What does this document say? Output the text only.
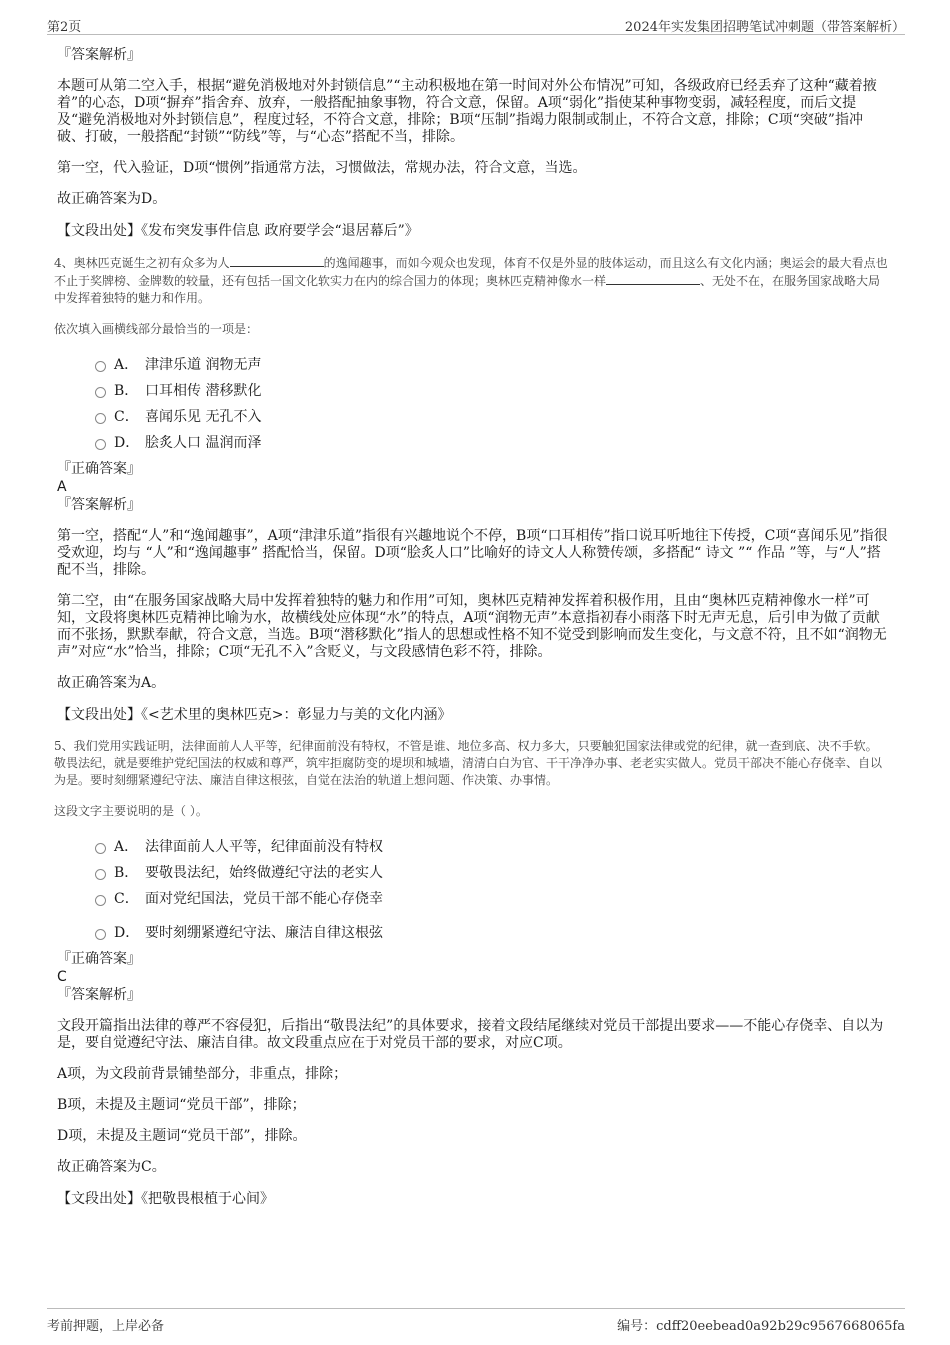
第2页	2024年实发集团招聘笔试冲刺题（带答案解析）

『答案解析』

本题可从第二空入手，根据“避免消极地对外封锁信息”“主动积极地在第一时间对外公布情况”可知，各级政府已经丢弃了这种“藏着掖着”的心态，D项“摒弃”指舍弃、放弃，一般搭配抽象事物，符合文意，保留。A项“弱化”指使某种事物变弱，减轻程度，而后文提及“避免消极地对外封锁信息”，程度过轻，不符合文意，排除；B项“压制”指竭力限制或制止，不符合文意，排除；C项“突破”指冲破、打破，一般搭配“封锁”“防线”等，与“心态”搭配不当，排除。

第一空，代入验证，D项“惯例”指通常方法，习惯做法，常规办法，符合文意，当选。

故正确答案为D。

【文段出处】《发布突发事件信息 政府要学会“退居幕后”》

4、奥林匹克诞生之初有众多为人	的逸闻趣事，而如今观众也发现，体育不仅是外显的肢体运动，而且这么有文化内涵；奥运会的最大看点也不止于奖牌榜、金牌数的较量，还有包括一国文化软实力在内的综合国力的体现；奥林匹克精神像水一样	、无处不在，在服务国家战略大局中发挥着独特的魅力和作用。

依次填入画横线部分最恰当的一项是：

A． 津津乐道 润物无声
B． 口耳相传 潜移默化
C． 喜闻乐见 无孔不入
D． 脍炙人口 温润而泽

『正确答案』

A

『答案解析』

第一空，搭配“人”和“逸闻趣事”，A项“津津乐道”指很有兴趣地说个不停，B项“口耳相传”指口说耳听地往下传授，C项“喜闻乐见”指很受欢迎，均与 “人”和“逸闻趣事” 搭配恰当，保留。D项“脍炙人口”比喻好的诗文人人称赞传颂，多搭配“ 诗文 ”“ 作品 ”等，与“人”搭配不当，排除。

第二空，由“在服务国家战略大局中发挥着独特的魅力和作用”可知，奥林匹克精神发挥着积极作用，且由“奥林匹克精神像水一样”可知，文段将奥林匹克精神比喻为水，故横线处应体现“水”的特点，A项“润物无声”本意指初春小雨落下时无声无息，后引申为做了贡献而不张扬，默默奉献，符合文意，当选。B项“潜移默化”指人的思想或性格不知不觉受到影响而发生变化，与文意不符，且不如“润物无声”对应“水”恰当，排除；C项“无孔不入”含贬义，与文段感情色彩不符，排除。

故正确答案为A。

【文段出处】《<艺术里的奥林匹克>：彰显力与美的文化内涵》

5、我们党用实践证明，法律面前人人平等，纪律面前没有特权，不管是谁、地位多高、权力多大，只要触犯国家法律或党的纪律，就一查到底、决不手软。敬畏法纪，就是要维护党纪国法的权威和尊严，筑牢拒腐防变的堤坝和城墙，清清白白为官、干干净净办事、老老实实做人。党员干部决不能心存侥幸、自以为是。要时刻绷紧遵纪守法、廉洁自律这根弦，自觉在法治的轨道上想问题、作决策、办事情。

这段文字主要说明的是（ ）。

A． 法律面前人人平等，纪律面前没有特权
B． 要敬畏法纪，始终做遵纪守法的老实人
C． 面对党纪国法，党员干部不能心存侥幸
D． 要时刻绷紧遵纪守法、廉洁自律这根弦

『正确答案』

C

『答案解析』

文段开篇指出法律的尊严不容侵犯，后指出“敬畏法纪”的具体要求，接着文段结尾继续对党员干部提出要求——不能心存侥幸、自以为是，要自觉遵纪守法、廉洁自律。故文段重点应在于对党员干部的要求，对应C项。

A项，为文段前背景铺垫部分，非重点，排除；

B项，未提及主题词“党员干部”，排除；

D项，未提及主题词“党员干部”，排除。

故正确答案为C。

【文段出处】《把敬畏根植于心间》

考前押题，上岸必备	编号：cdff20eebead0a92b29c9567668065fa
